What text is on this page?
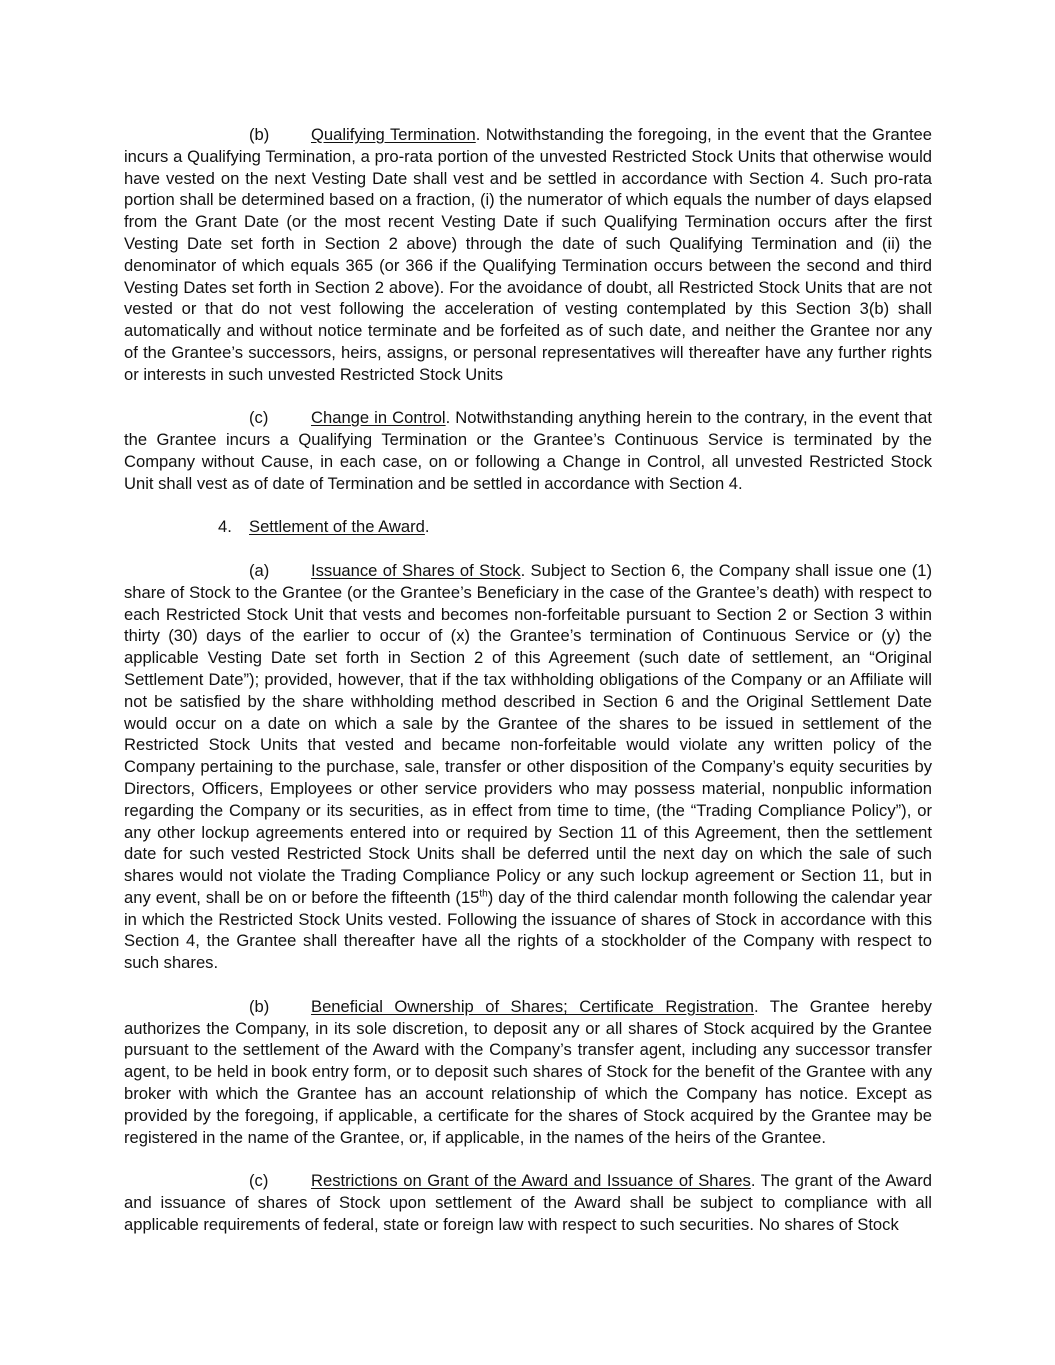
(b)	Qualifying Termination. Notwithstanding the foregoing, in the event that the Grantee incurs a Qualifying Termination, a pro-rata portion of the unvested Restricted Stock Units that otherwise would have vested on the next Vesting Date shall vest and be settled in accordance with Section 4. Such pro-rata portion shall be determined based on a fraction, (i) the numerator of which equals the number of days elapsed from the Grant Date (or the most recent Vesting Date if such Qualifying Termination occurs after the first Vesting Date set forth in Section 2 above) through the date of such Qualifying Termination and (ii) the denominator of which equals 365 (or 366 if the Qualifying Termination occurs between the second and third Vesting Dates set forth in Section 2 above). For the avoidance of doubt, all Restricted Stock Units that are not vested or that do not vest following the acceleration of vesting contemplated by this Section 3(b) shall automatically and without notice terminate and be forfeited as of such date, and neither the Grantee nor any of the Grantee’s successors, heirs, assigns, or personal representatives will thereafter have any further rights or interests in such unvested Restricted Stock Units

(c)	Change in Control. Notwithstanding anything herein to the contrary, in the event that the Grantee incurs a Qualifying Termination or the Grantee’s Continuous Service is terminated by the Company without Cause, in each case, on or following a Change in Control, all unvested Restricted Stock Unit shall vest as of date of Termination and be settled in accordance with Section 4.

4. Settlement of the Award.

(a)	Issuance of Shares of Stock. Subject to Section 6, the Company shall issue one (1) share of Stock to the Grantee (or the Grantee’s Beneficiary in the case of the Grantee’s death) with respect to each Restricted Stock Unit that vests and becomes non-forfeitable pursuant to Section 2 or Section 3 within thirty (30) days of the earlier to occur of (x) the Grantee’s termination of Continuous Service or (y) the applicable Vesting Date set forth in Section 2 of this Agreement (such date of settlement, an “Original Settlement Date”); provided, however, that if the tax withholding obligations of the Company or an Affiliate will not be satisfied by the share withholding method described in Section 6 and the Original Settlement Date would occur on a date on which a sale by the Grantee of the shares to be issued in settlement of the Restricted Stock Units that vested and became non-forfeitable would violate any written policy of the Company pertaining to the purchase, sale, transfer or other disposition of the Company’s equity securities by Directors, Officers, Employees or other service providers who may possess material, nonpublic information regarding the Company or its securities, as in effect from time to time, (the “Trading Compliance Policy”), or any other lockup agreements entered into or required by Section 11 of this Agreement, then the settlement date for such vested Restricted Stock Units shall be deferred until the next day on which the sale of such shares would not violate the Trading Compliance Policy or any such lockup agreement or Section 11, but in any event, shall be on or before the fifteenth (15th) day of the third calendar month following the calendar year in which the Restricted Stock Units vested. Following the issuance of shares of Stock in accordance with this Section 4, the Grantee shall thereafter have all the rights of a stockholder of the Company with respect to such shares.

(b)	Beneficial Ownership of Shares; Certificate Registration. The Grantee hereby authorizes the Company, in its sole discretion, to deposit any or all shares of Stock acquired by the Grantee pursuant to the settlement of the Award with the Company’s transfer agent, including any successor transfer agent, to be held in book entry form, or to deposit such shares of Stock for the benefit of the Grantee with any broker with which the Grantee has an account relationship of which the Company has notice. Except as provided by the foregoing, if applicable, a certificate for the shares of Stock acquired by the Grantee may be registered in the name of the Grantee, or, if applicable, in the names of the heirs of the Grantee.

(c)	Restrictions on Grant of the Award and Issuance of Shares. The grant of the Award and issuance of shares of Stock upon settlement of the Award shall be subject to compliance with all applicable requirements of federal, state or foreign law with respect to such securities. No shares of Stock
